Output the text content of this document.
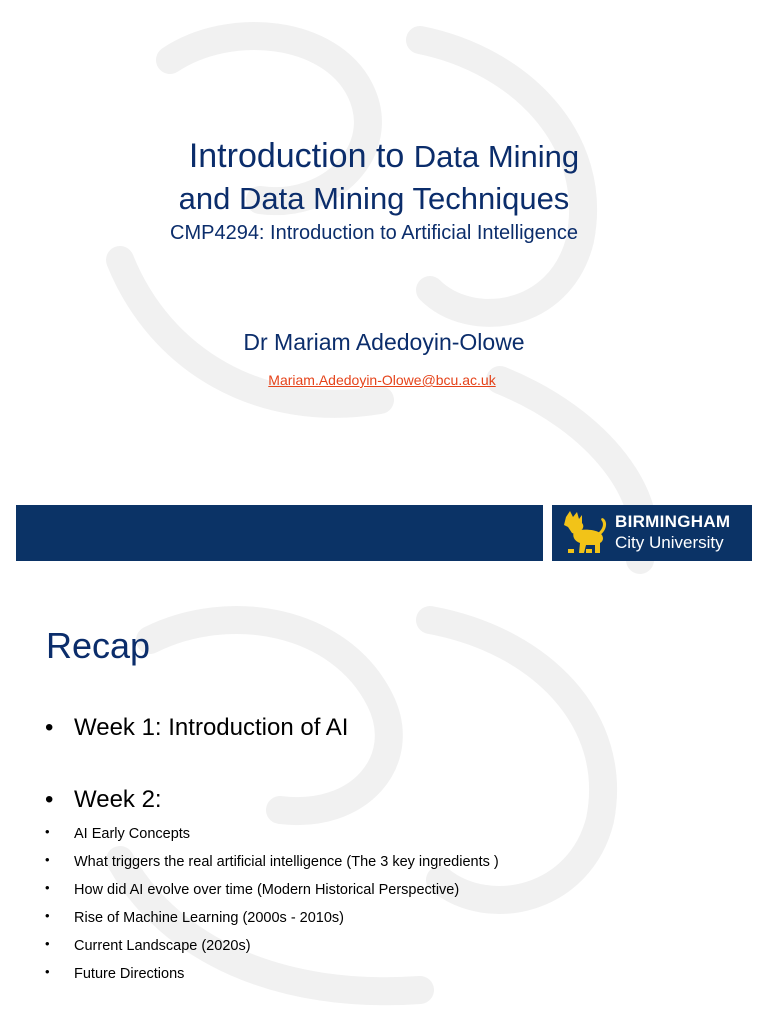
Introduction to Data Mining
and Data Mining Techniques
CMP4294: Introduction to Artificial Intelligence
Dr Mariam Adedoyin-Olowe
Mariam.Adedoyin-Olowe@bcu.ac.uk
BIRMINGHAM
City University
Recap
• Week 1: Introduction of AI
• Week 2:
• AI Early Concepts
• What triggers the real artificial intelligence (The 3 key ingredients )
• How did AI evolve over time (Modern Historical Perspective)
• Rise of Machine Learning (2000s - 2010s)
• Current Landscape (2020s)
• Future Directions
